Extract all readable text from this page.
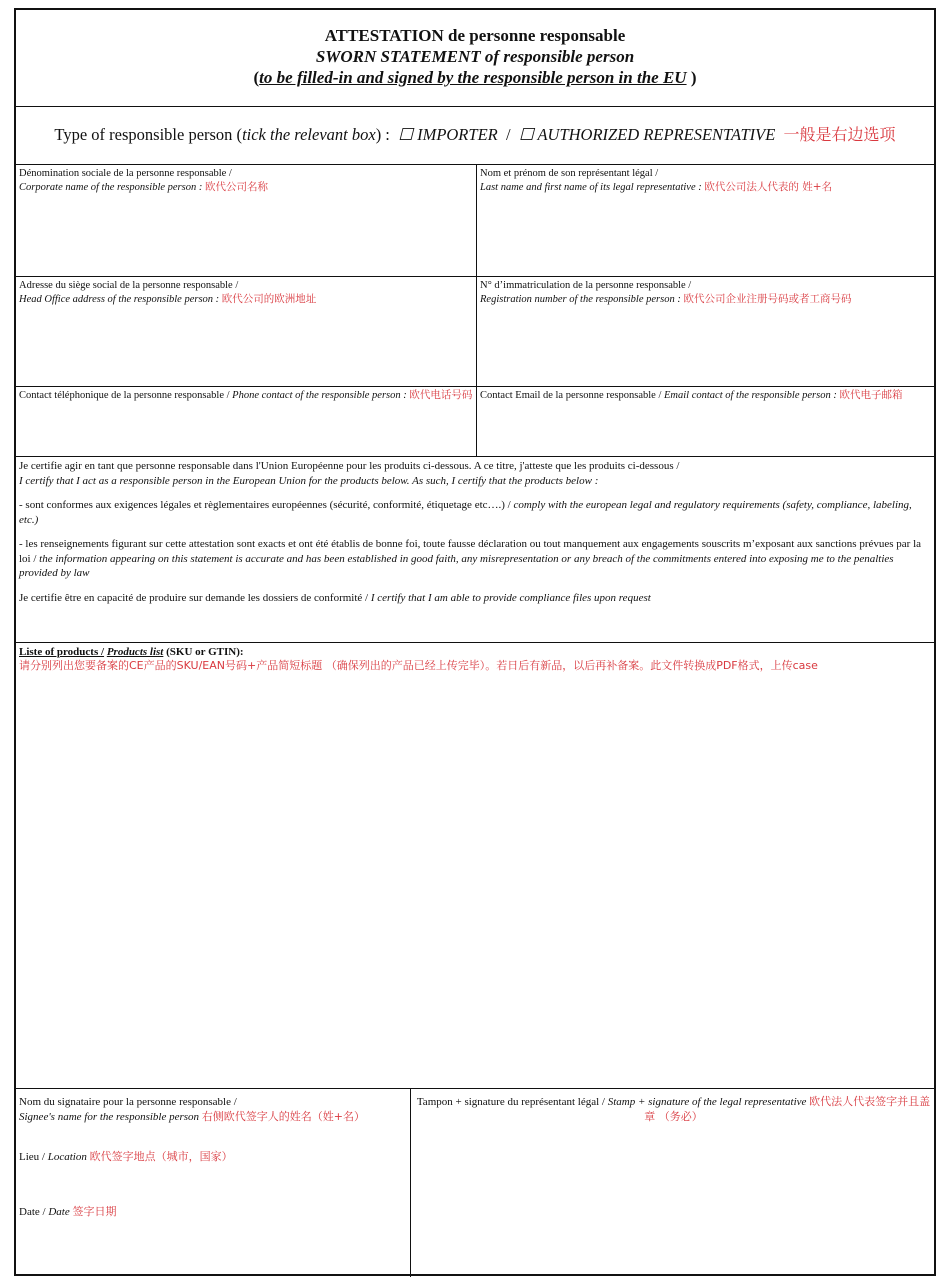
ATTESTATION de personne responsable
SWORN STATEMENT of responsible person
(to be filled-in and signed by the responsible person in the EU )
Type of responsible person (tick the relevant box) : ☐ IMPORTER / ☐ AUTHORIZED REPRESENTATIVE 一般是右边选项
Dénomination sociale de la personne responsable /
Corporate name of the responsible person : 欧代公司名称
Nom et prénom de son représentant légal /
Last name and first name of its legal representative : 欧代公司法人代表的 姓+名
Adresse du siège social de la personne responsable /
Head Office address of the responsible person : 欧代公司的欧洲地址
N° d’immatriculation de la personne responsable /
Registration number of the responsible person : 欧代公司企业注册号码或者工商号码
Contact téléphonique de la personne responsable / Phone contact of the responsible person : 欧代电话号码 Contact Email de la personne responsable / Email contact of the responsible person : 欧代电子邮箱

Je certifie agir en tant que personne responsable dans l'Union Européenne pour les produits ci-dessous. A ce titre, j'atteste que les produits ci-dessous /
I certify that I act as a responsible person in the European Union for the products below. As such, I certify that the products below :

- sont conformes aux exigences légales et règlementaires européennes (sécurité, conformité, étiquetage etc….) / comply with the european legal and regulatory requirements (safety, compliance, labeling, etc.)

- les renseignements figurant sur cette attestation sont exacts et ont été établis de bonne foi, toute fausse déclaration ou tout manquement aux engagements souscrits m’exposant aux sanctions prévues par la loi / the information appearing on this statement is accurate and has been established in good faith, any misrepresentation or any breach of the commitments entered into exposing me to the penalties provided by law

Je certifie être en capacité de produire sur demande les dossiers de conformité / I certify that I am able to provide compliance files upon request

Liste of products / Products list (SKU or GTIN):
请分别列出您要备案的CE产品的SKU/EAN号码+产品简短标题 （确保列出的产品已经上传完毕）。若日后有新品，以后再补备案。此文件转换成PDF格式，上传case
Nom du signataire pour la personne responsable /
Signee's name for the responsible person 右侧欧代签字人的姓名（姓+名）
Lieu / Location 欧代签字地点（城市，国家）
Date / Date 签字日期
Tampon + signature du représentant légal / Stamp + signature of the legal representative 欧代法人代表签字并且盖章 （务必）
